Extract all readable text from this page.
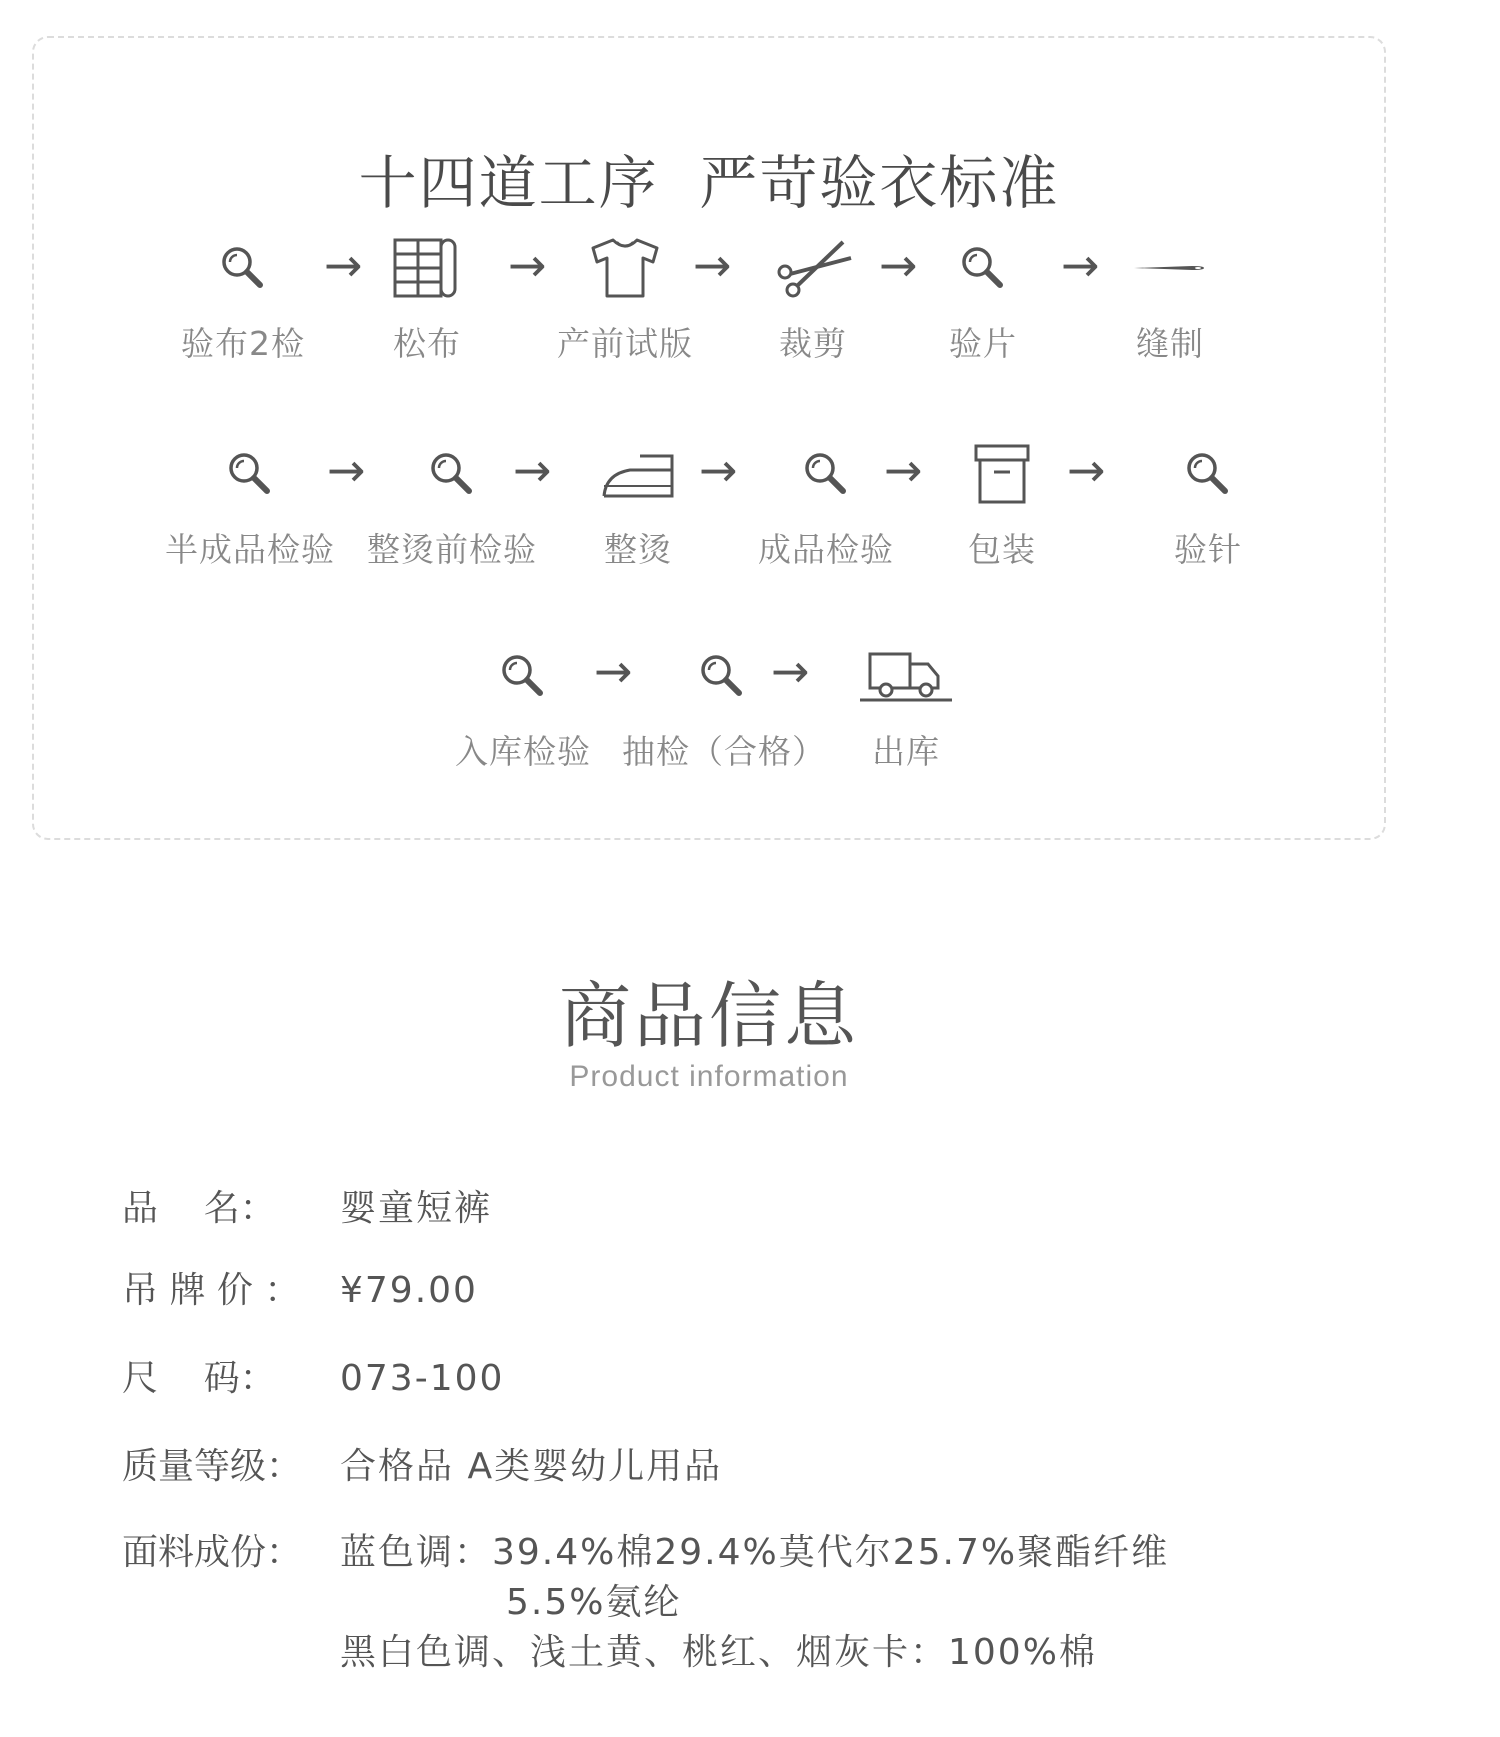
十四道工序  严苛验衣标准
验布2检
→
松布
→
产前试版
→
裁剪
→
验片
→
缝制
半成品检验
→
整烫前检验
→
整烫
→
成品检验
→
包装
→
验针
入库检验
→
抽检（合格）
→
出库
商品信息
Product information
品    名： 婴童短裤
吊 牌 价 ： ¥79.00
尺    码： 073-100
质量等级： 合格品 A类婴幼儿用品
面料成份： 蓝色调：39.4%棉29.4%莫代尔25.7%聚酯纤维
5.5%氨纶
黑白色调、浅土黄、桃红、烟灰卡：100%棉
